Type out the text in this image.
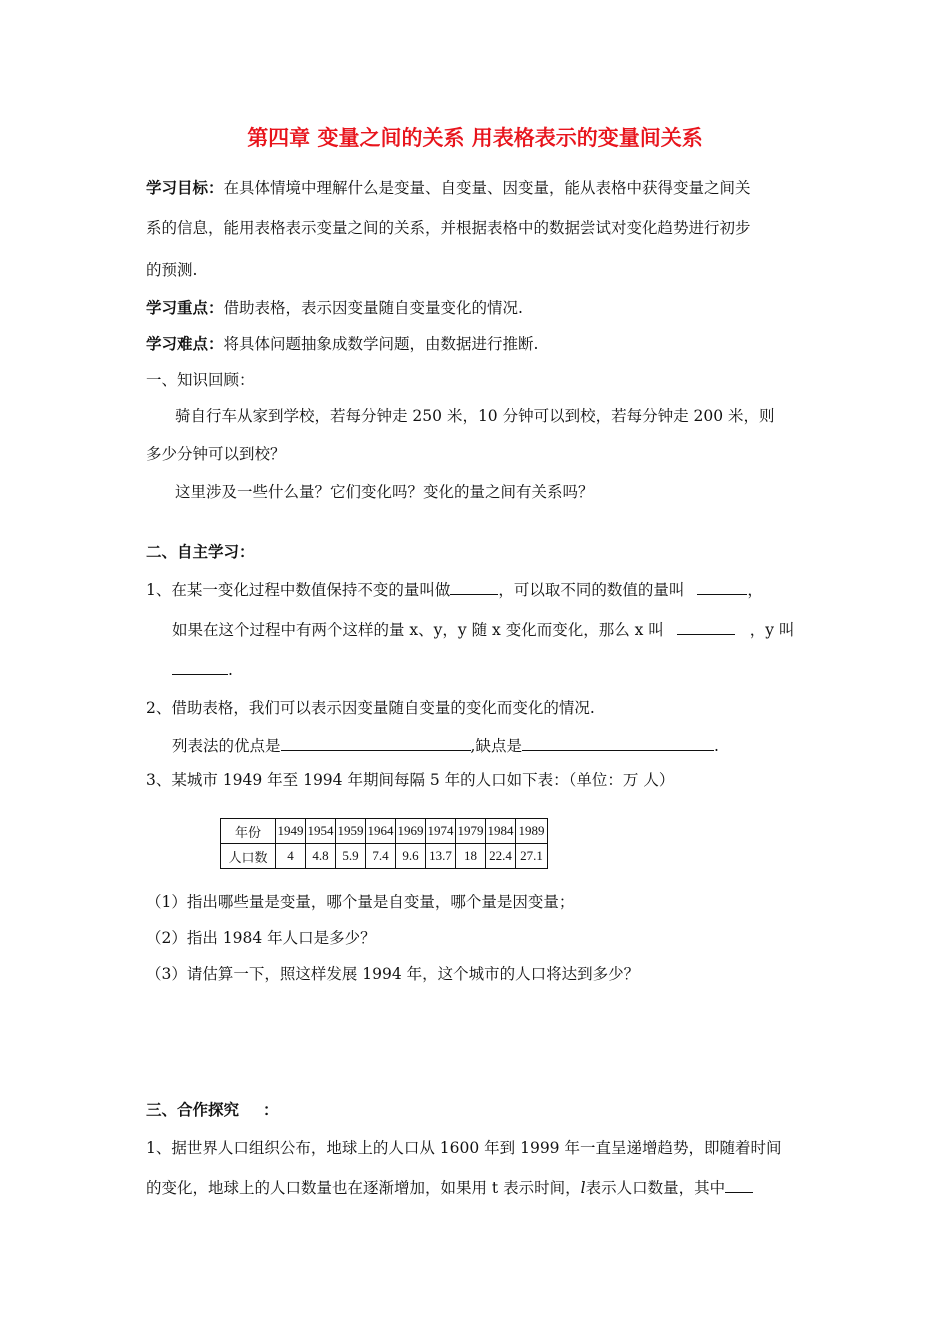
第四章 变量之间的关系 用表格表示的变量间关系
学习目标：在具体情境中理解什么是变量、自变量、因变量，能从表格中获得变量之间关
系的信息，能用表格表示变量之间的关系，并根据表格中的数据尝试对变化趋势进行初步
的预测.
学习重点：借助表格，表示因变量随自变量变化的情况.
学习难点：将具体问题抽象成数学问题，由数据进行推断.
一、知识回顾：
骑自行车从家到学校，若每分钟走 250 米，10 分钟可以到校，若每分钟走 200 米，则
多少分钟可以到校？
这里涉及一些什么量？它们变化吗？变化的量之间有关系吗？
二、自主学习：
1、在某一变化过程中数值保持不变的量叫做	，可以取不同的数值的量叫	，
如果在这个过程中有两个这样的量 x、y，y 随 x 变化而变化，那么 x 叫	，y 叫
.
2、借助表格，我们可以表示因变量随自变量的变化而变化的情况.
列表法的优点是	,缺点是	.
3、某城市 1949 年至 1994 年期间每隔 5 年的人口如下表：（单位：万 人）
年份	1949	1954	1959	1964	1969	1974	1979	1984	1989
人口数	4	4.8	5.9	7.4	9.6	13.7	18	22.4	27.1
（1）指出哪些量是变量，哪个量是自变量，哪个量是因变量；
（2）指出 1984 年人口是多少？
（3）请估算一下，照这样发展 1994 年，这个城市的人口将达到多少？
三、合作探究 ：
1、据世界人口组织公布，地球上的人口从 1600 年到 1999 年一直呈递增趋势，即随着时间
的变化，地球上的人口数量也在逐渐增加，如果用 t 表示时间，l表示人口数量，其中
